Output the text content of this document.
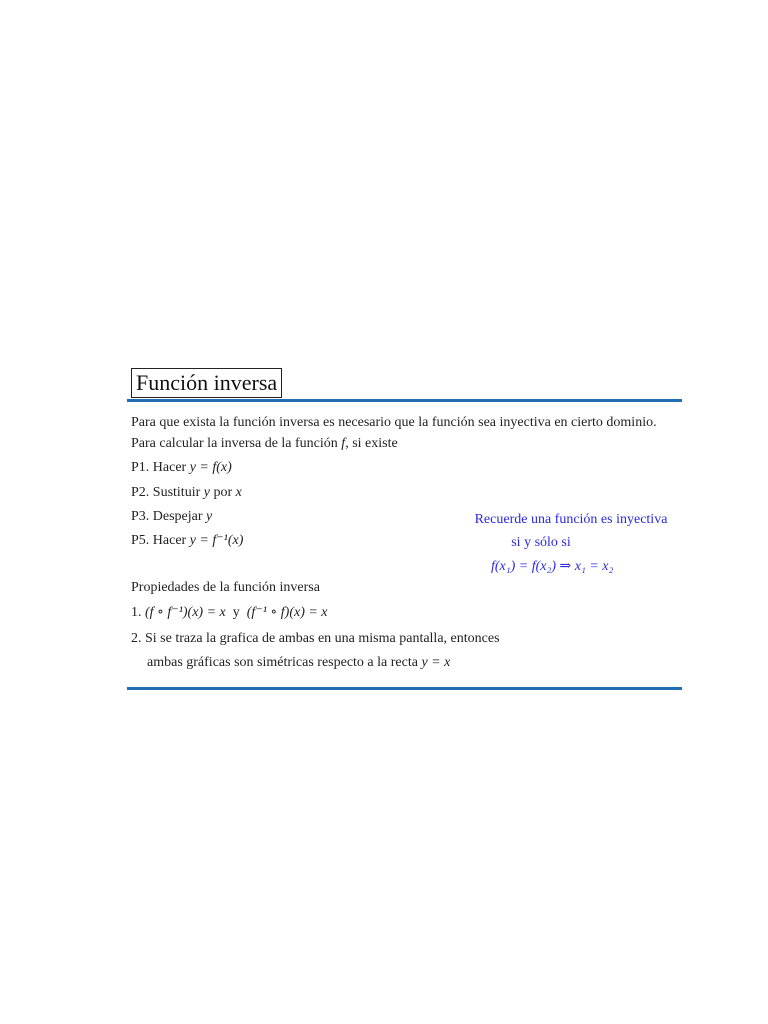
Función inversa
Para que exista la función inversa es necesario que la función sea inyectiva en cierto dominio.
Para calcular la inversa de la función f, si existe
P1. Hacer y = f(x)
P2. Sustituir y por x
P3. Despejar y
P5. Hacer y = f⁻¹(x)
Recuerde una función es inyectiva
si y sólo si
f(x₁) = f(x₂) ⇒ x₁ = x₂
Propiedades de la función inversa
1. (f ∘ f⁻¹)(x) = x y (f⁻¹ ∘ f)(x) = x
2. Si se traza la grafica de ambas en una misma pantalla, entonces
ambas gráficas son simétricas respecto a la recta y = x
